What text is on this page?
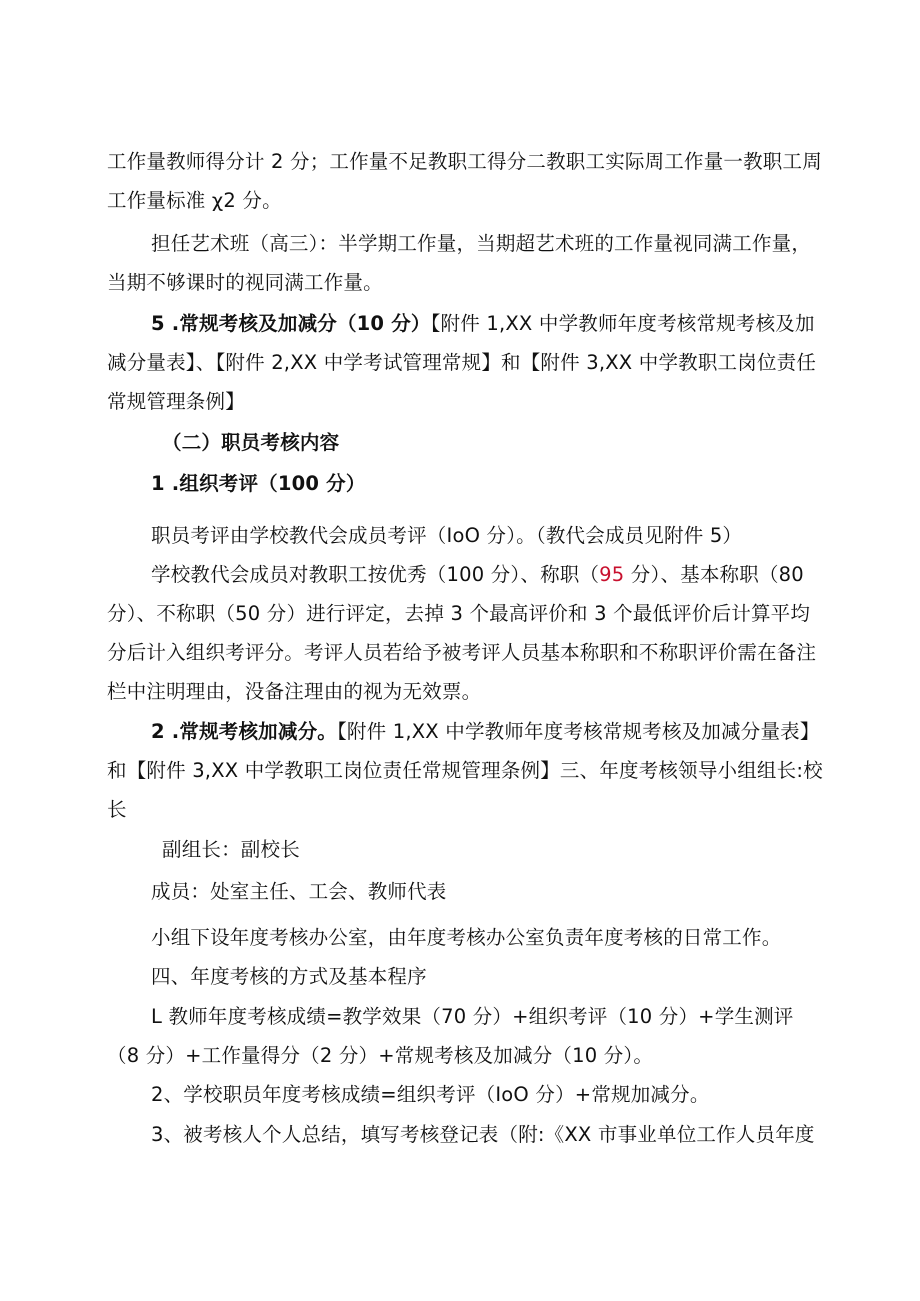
工作量教师得分计 2 分；工作量不足教职工得分二教职工实际周工作量一教职工周
工作量标准 χ2 分。
担任艺术班（高三）：半学期工作量，当期超艺术班的工作量视同满工作量，
当期不够课时的视同满工作量。
5 .常规考核及加减分（10 分）【附件 1,XX 中学教师年度考核常规考核及加
减分量表】、【附件 2,XX 中学考试管理常规】和【附件 3,XX 中学教职工岗位责任
常规管理条例】
（二）职员考核内容
1 .组织考评（100 分）
职员考评由学校教代会成员考评（IoO 分）。（教代会成员见附件 5）
学校教代会成员对教职工按优秀（100 分）、称职（95 分）、基本称职（80
分）、不称职（50 分）进行评定，去掉 3 个最高评价和 3 个最低评价后计算平均
分后计入组织考评分。考评人员若给予被考评人员基本称职和不称职评价需在备注
栏中注明理由，没备注理由的视为无效票。
2 .常规考核加减分。【附件 1,XX 中学教师年度考核常规考核及加减分量表】
和【附件 3,XX 中学教职工岗位责任常规管理条例】三、年度考核领导小组组长:校
长
副组长：副校长
成员：处室主任、工会、教师代表
小组下设年度考核办公室，由年度考核办公室负责年度考核的日常工作。
四、年度考核的方式及基本程序
L 教师年度考核成绩=教学效果（70 分）+组织考评（10 分）+学生测评
（8 分）+工作量得分（2 分）+常规考核及加减分（10 分）。
2、学校职员年度考核成绩=组织考评（IoO 分）+常规加减分。
3、被考核人个人总结，填写考核登记表（附:《XX 市事业单位工作人员年度
